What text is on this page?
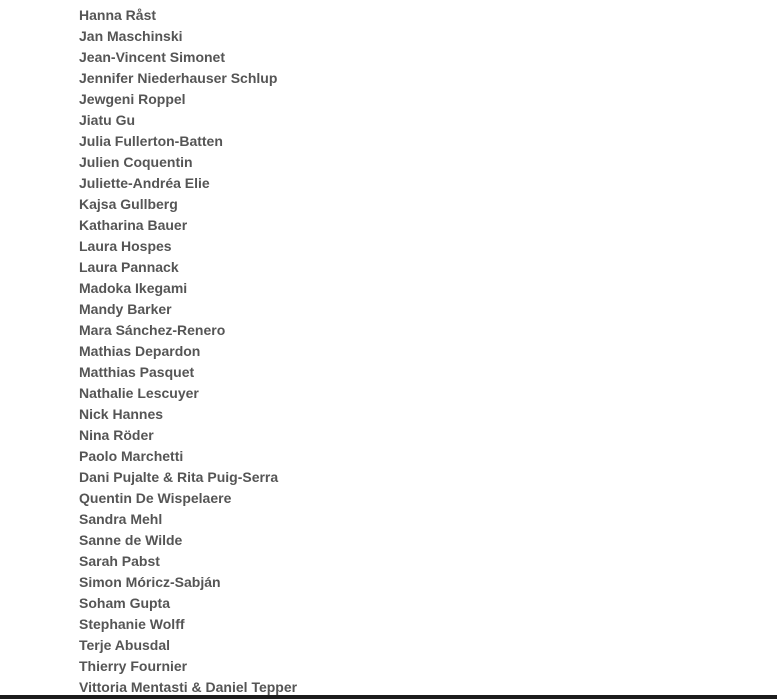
Hanna Råst
Jan Maschinski
Jean-Vincent Simonet
Jennifer Niederhauser Schlup
Jewgeni Roppel
Jiatu Gu
Julia Fullerton-Batten
Julien Coquentin
Juliette-Andréa Elie
Kajsa Gullberg
Katharina Bauer
Laura Hospes
Laura Pannack
Madoka Ikegami
Mandy Barker
Mara Sánchez-Renero
Mathias Depardon
Matthias Pasquet
Nathalie Lescuyer
Nick Hannes
Nina Röder
Paolo Marchetti
Dani Pujalte & Rita Puig-Serra
Quentin De Wispelaere
Sandra Mehl
Sanne de Wilde
Sarah Pabst
Simon Móricz-Sabján
Soham Gupta
Stephanie Wolff
Terje Abusdal
Thierry Fournier
Vittoria Mentasti & Daniel Tepper
